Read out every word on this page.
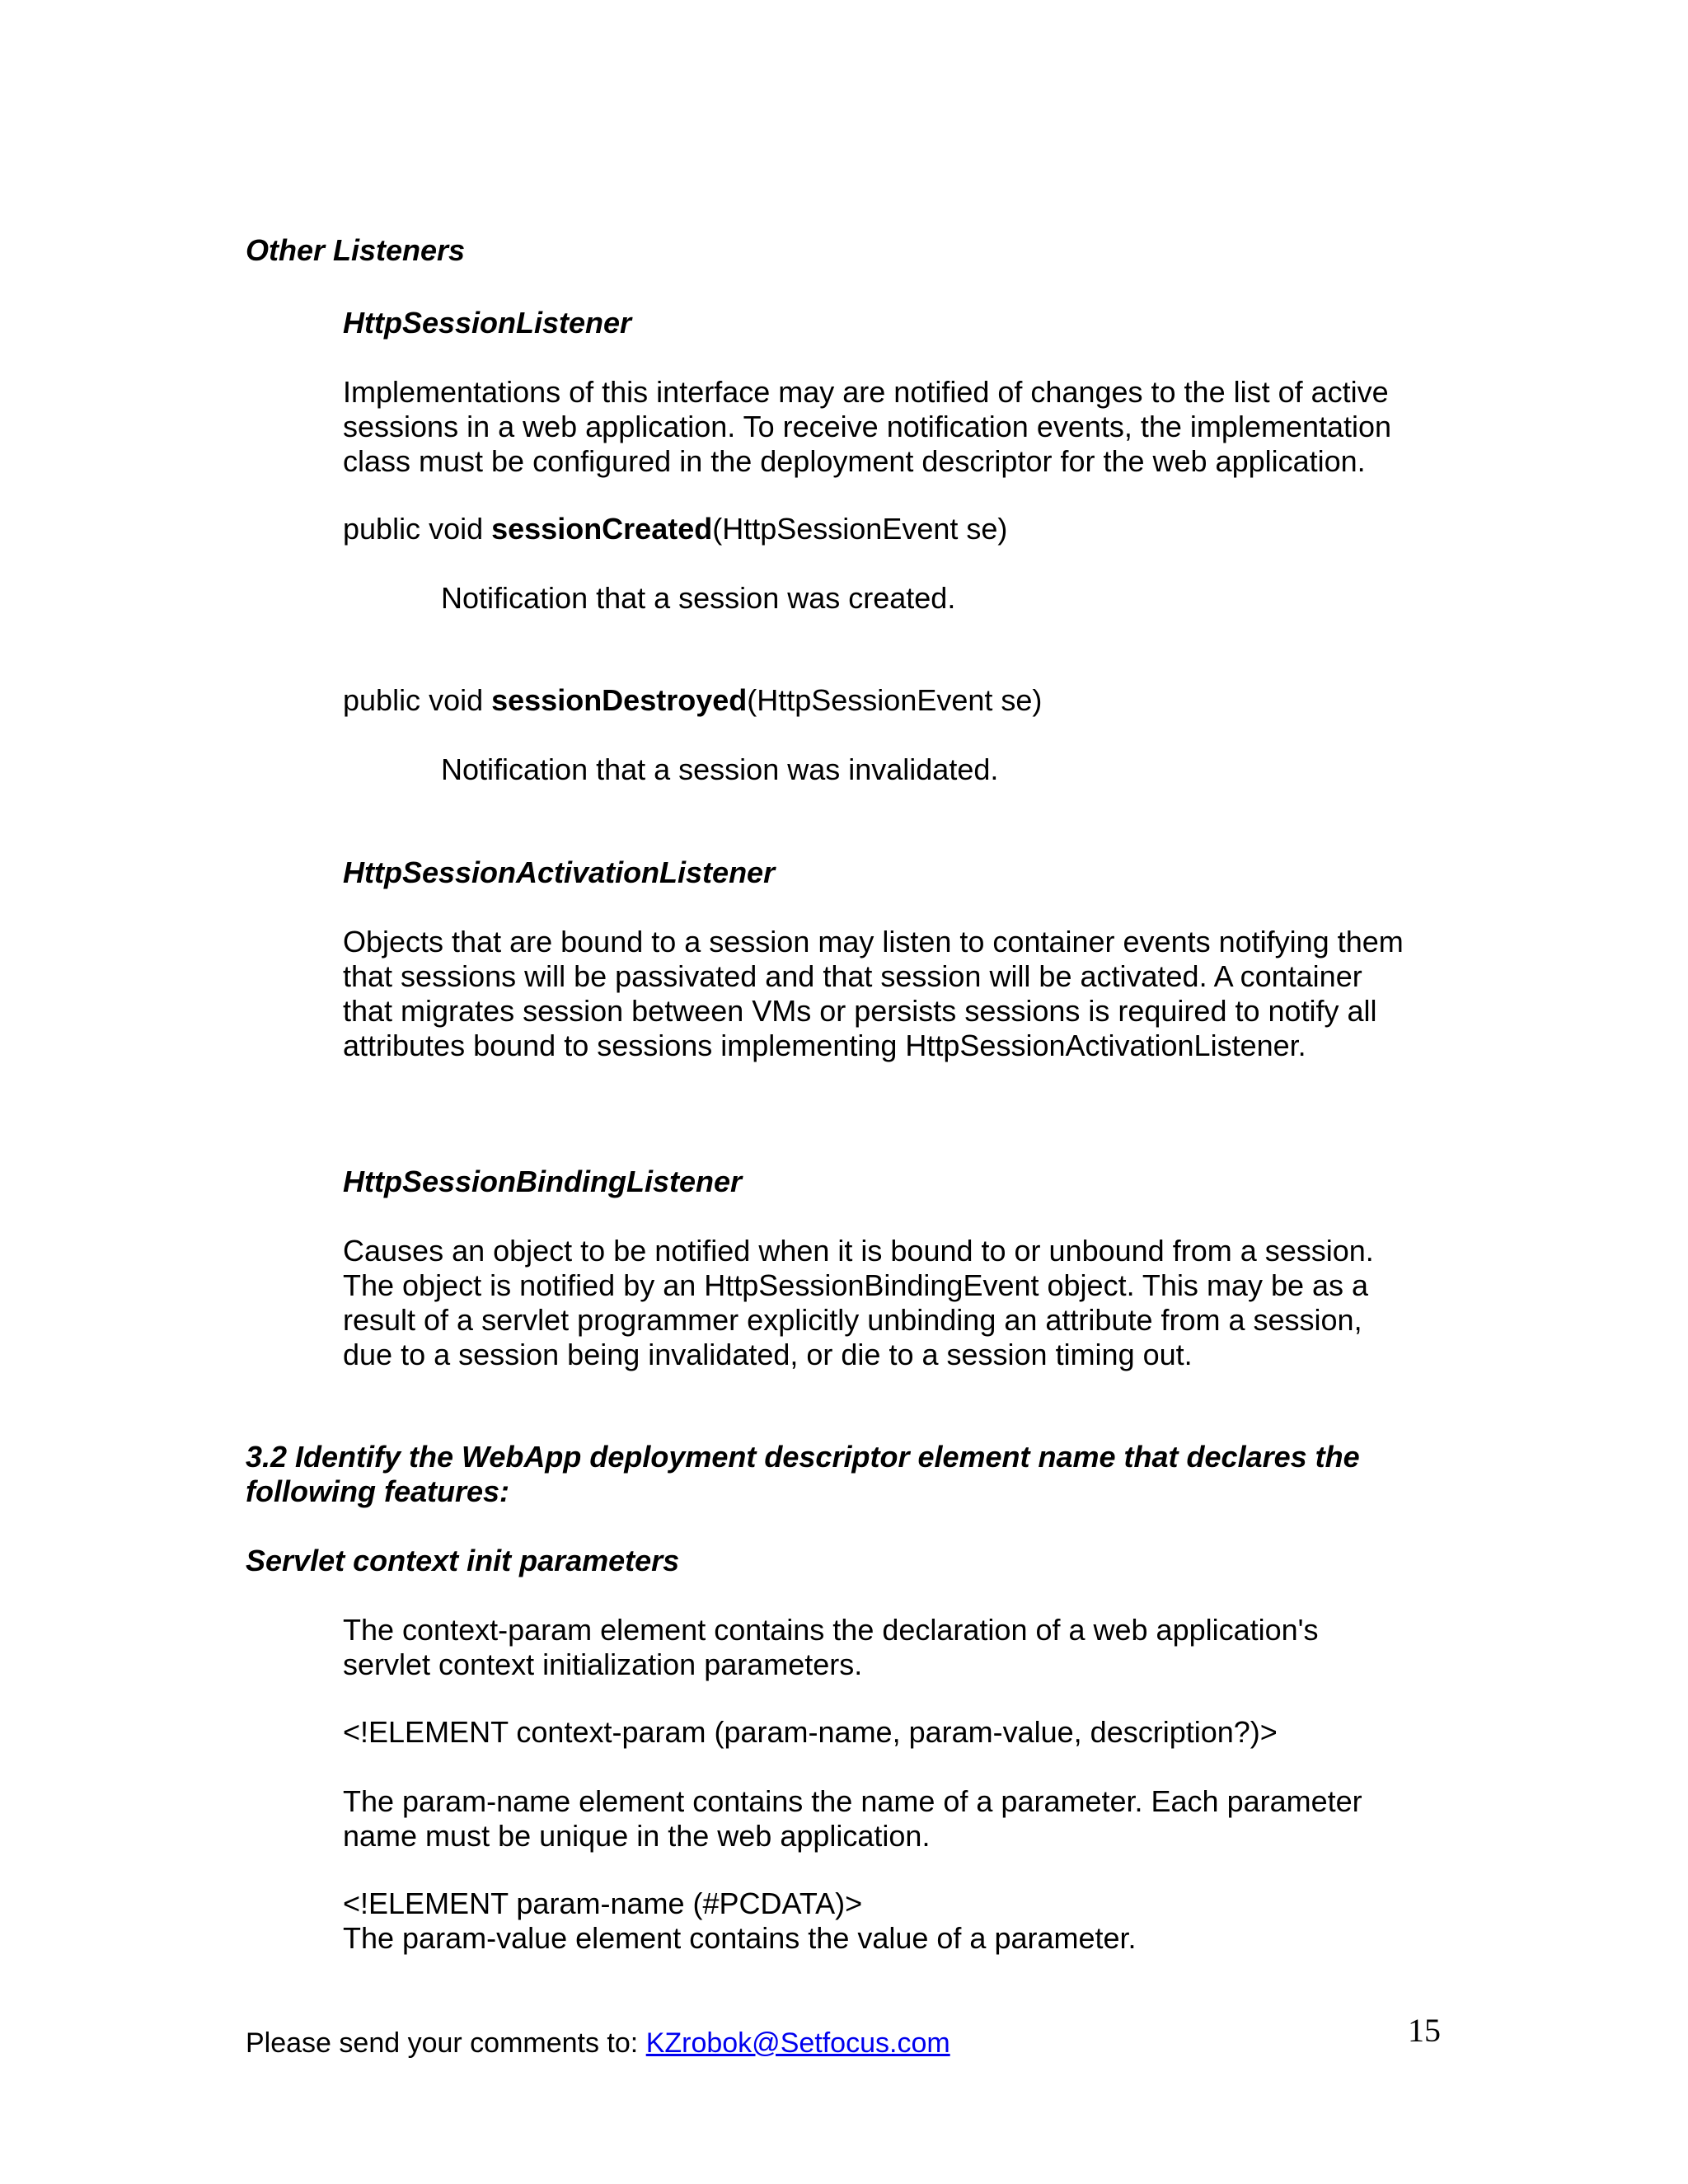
Other Listeners
HttpSessionListener
Implementations of this interface may are notified of changes to the list of active
sessions in a web application. To receive notification events, the implementation
class must be configured in the deployment descriptor for the web application.
public void sessionCreated(HttpSessionEvent se)
Notification that a session was created.
public void sessionDestroyed(HttpSessionEvent se)
Notification that a session was invalidated.
HttpSessionActivationListener
Objects that are bound to a session may listen to container events notifying them
that sessions will be passivated and that session will be activated. A container
that migrates session between VMs or persists sessions is required to notify all
attributes bound to sessions implementing HttpSessionActivationListener.
HttpSessionBindingListener
Causes an object to be notified when it is bound to or unbound from a session.
The object is notified by an HttpSessionBindingEvent object. This may be as a
result of a servlet programmer explicitly unbinding an attribute from a session,
due to a session being invalidated, or die to a session timing out.
3.2 Identify the WebApp deployment descriptor element name that declares the
following features:
Servlet context init parameters
The context-param element contains the declaration of a web application's
servlet context initialization parameters.
<!ELEMENT context-param (param-name, param-value, description?)>
The param-name element contains the name of a parameter. Each parameter
name must be unique in the web application.
<!ELEMENT param-name (#PCDATA)>
The param-value element contains the value of a parameter.
15
Please send your comments to: KZrobok@Setfocus.com
